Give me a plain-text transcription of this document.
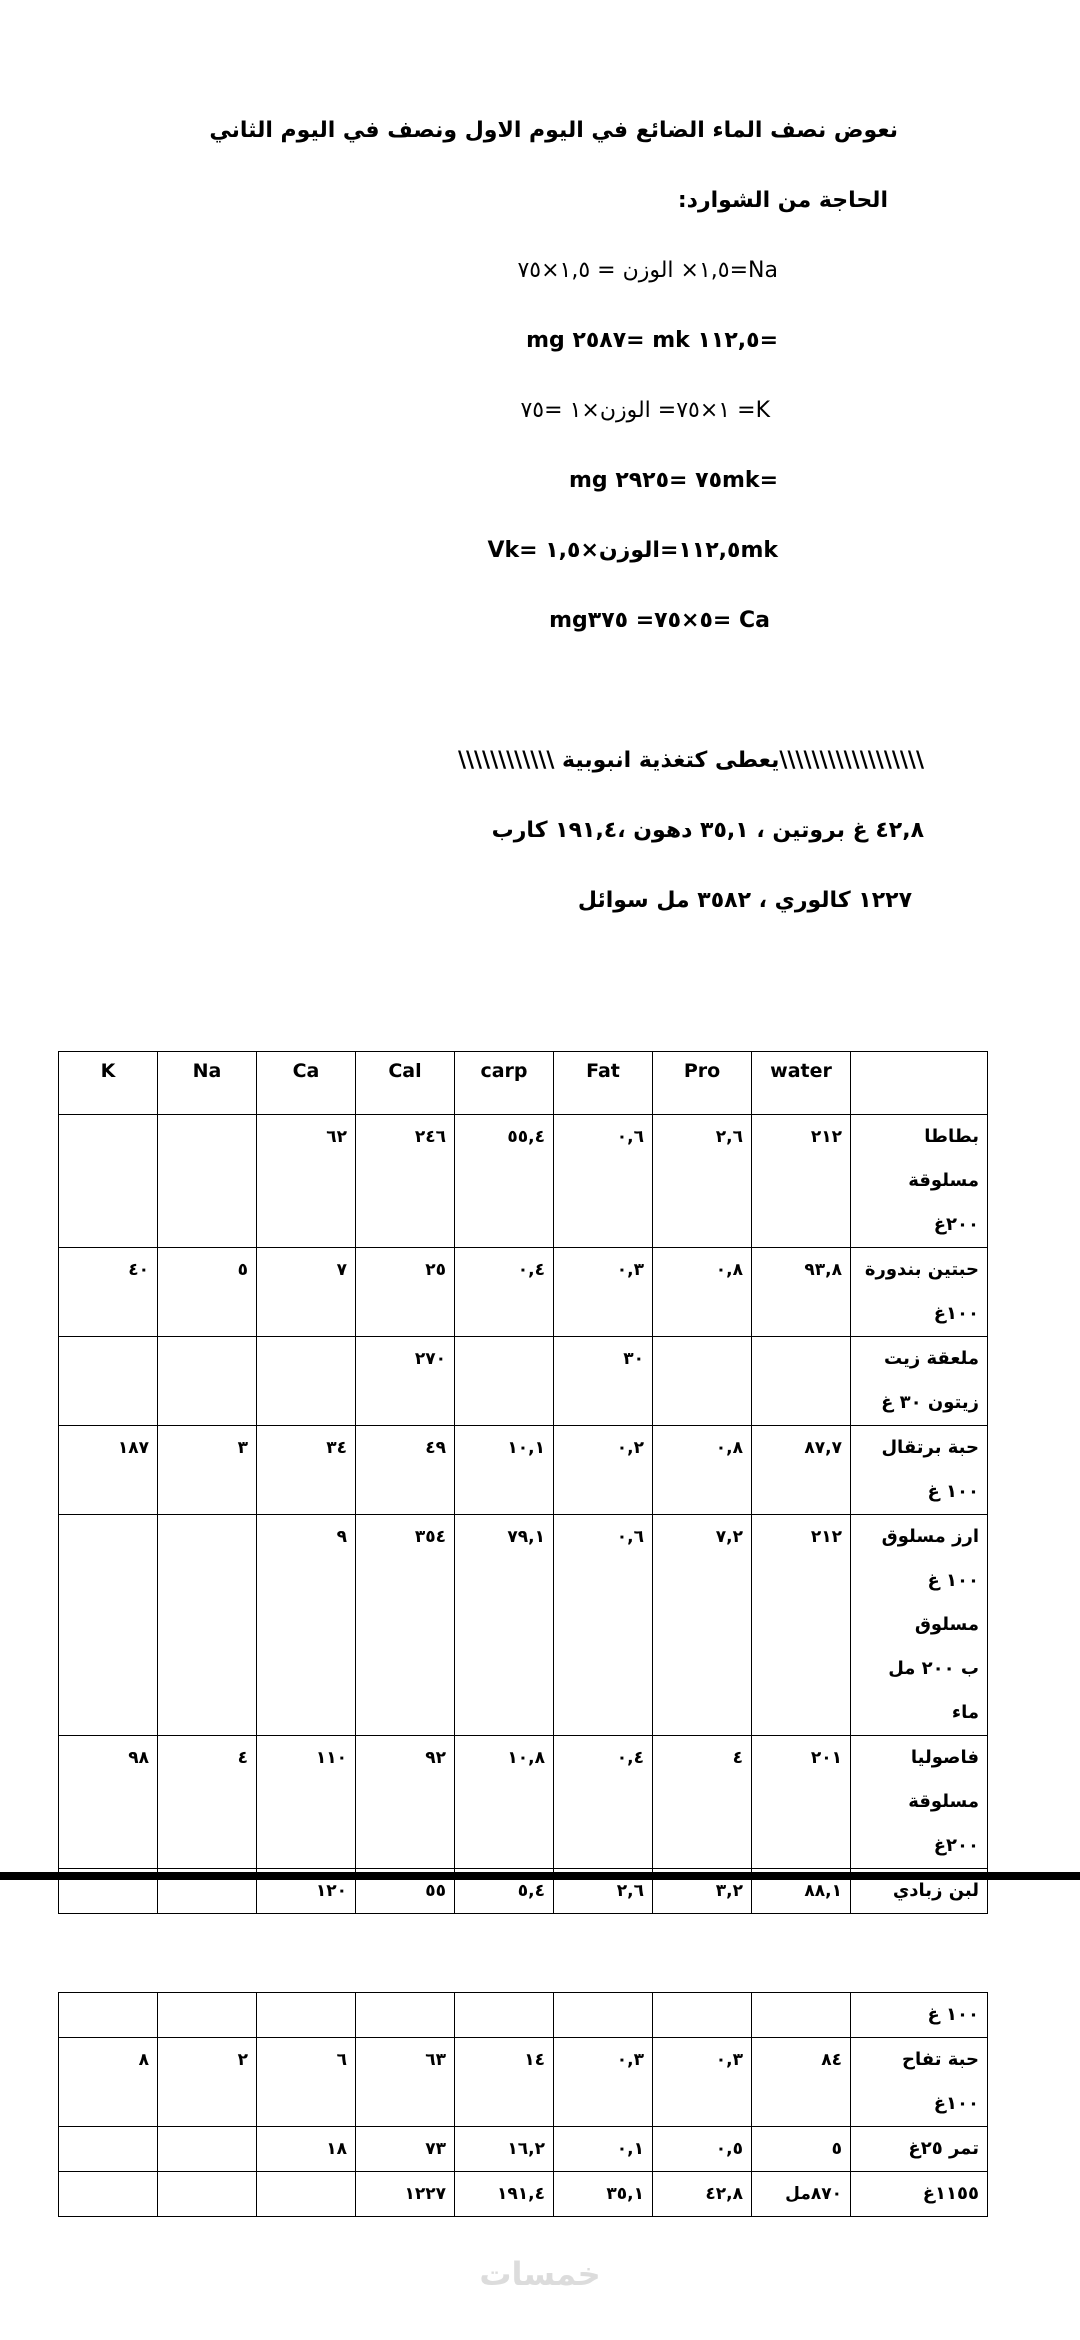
نعوض نصف الماء الضائع في اليوم الاول ونصف في اليوم الثاني
الحاجة من الشوارد:
Na=١,٥× الوزن = ١,٥×٧٥
=١١٢,٥ mk =٢٥٨٧ mg
K= ١×٧٥= الوزن×١ =٧٥
=٧٥mk =٢٩٢٥ mg
١١٢,٥mk=الوزن×١,٥ =Vk
Ca =٥×٧٥= mg٣٧٥
\\\\\\\\\\\\\\\\\\يعطى كتغذية انبوبية \\\\\\\\\\\\
٤٢,٨ غ بروتين ، ٣٥,١ دهون ،١٩١,٤ كارب
١٢٢٧ كالوري ، ٣٥٨٢ مل سوائل
K	Na	Ca	Cal	carp	Fat	Pro	water	
		٦٢	٢٤٦	٥٥,٤	٠,٦	٢,٦	٢١٢	بطاطا مسلوقة
٢٠٠غ

٤٠	٥	٧	٢٥	٠,٤	٠,٣	٠,٨	٩٣,٨	حبتين بندورة
١٠٠غ

			٢٧٠		٣٠			ملعقة زيت
زيتون ٣٠ غ

١٨٧	٣	٣٤	٤٩	١٠,١	٠,٢	٠,٨	٨٧,٧	حبة برتقال
١٠٠ غ

		٩	٣٥٤	٧٩,١	٠,٦	٧,٢	٢١٢	ارز مسلوق
١٠٠ غ مسلوق
ب ٢٠٠ مل ماء

٩٨	٤	١١٠	٩٢	١٠,٨	٠,٤	٤	٢٠١	فاصوليا مسلوقة
٢٠٠غ

		١٢٠	٥٥	٥,٤	٢,٦	٣,٢	٨٨,١	لبن زبادي

								١٠٠ غ

٨	٢	٦	٦٣	١٤	٠,٣	٠,٣	٨٤	حبة تفاح
١٠٠غ

		١٨	٧٣	١٦,٢	٠,١	٠,٥	٥	تمر ٢٥غ

			١٢٢٧	١٩١,٤	٣٥,١	٤٢,٨	٨٧٠مل	١١٥٥غ
خمسات
